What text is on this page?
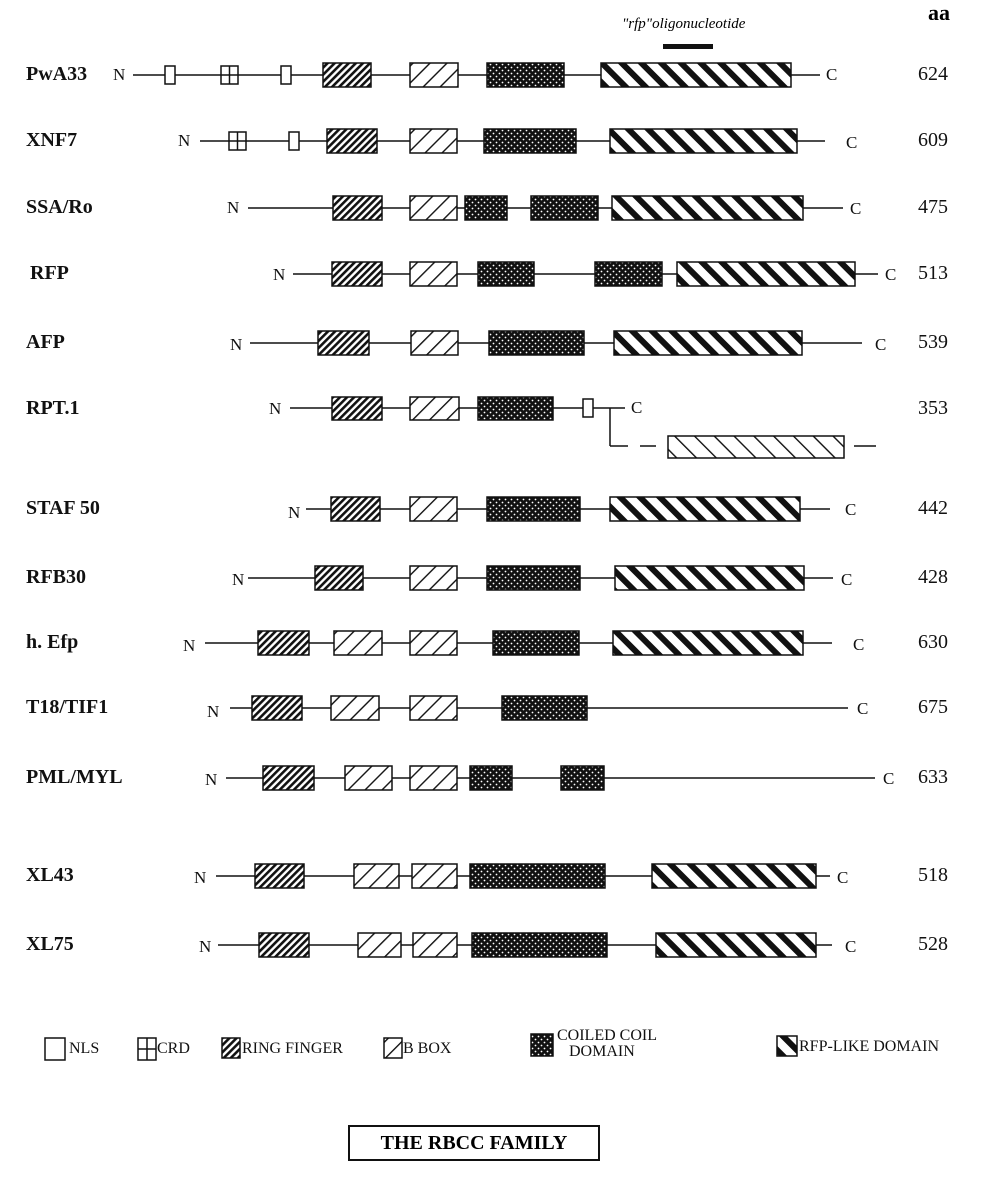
aa
"rfp"oligonucleotide
PwA33	624
XNF7	609
SSA/Ro	475
RFP	513
AFP	539
RPT.1	353
STAF 50	442
RFB30	428
h. Efp	630
T18/TIF1	675
PML/MYL	633
XL43	518
XL75	528
N	C
N	C
N	C
N	C
N	C
N	C
N	C
N	C
N	C
N	C
N	C
N	C
N	C
NLS	CRD	RING FINGER	B BOX
COILED COIL
DOMAIN	RFP-LIKE DOMAIN
THE RBCC FAMILY
